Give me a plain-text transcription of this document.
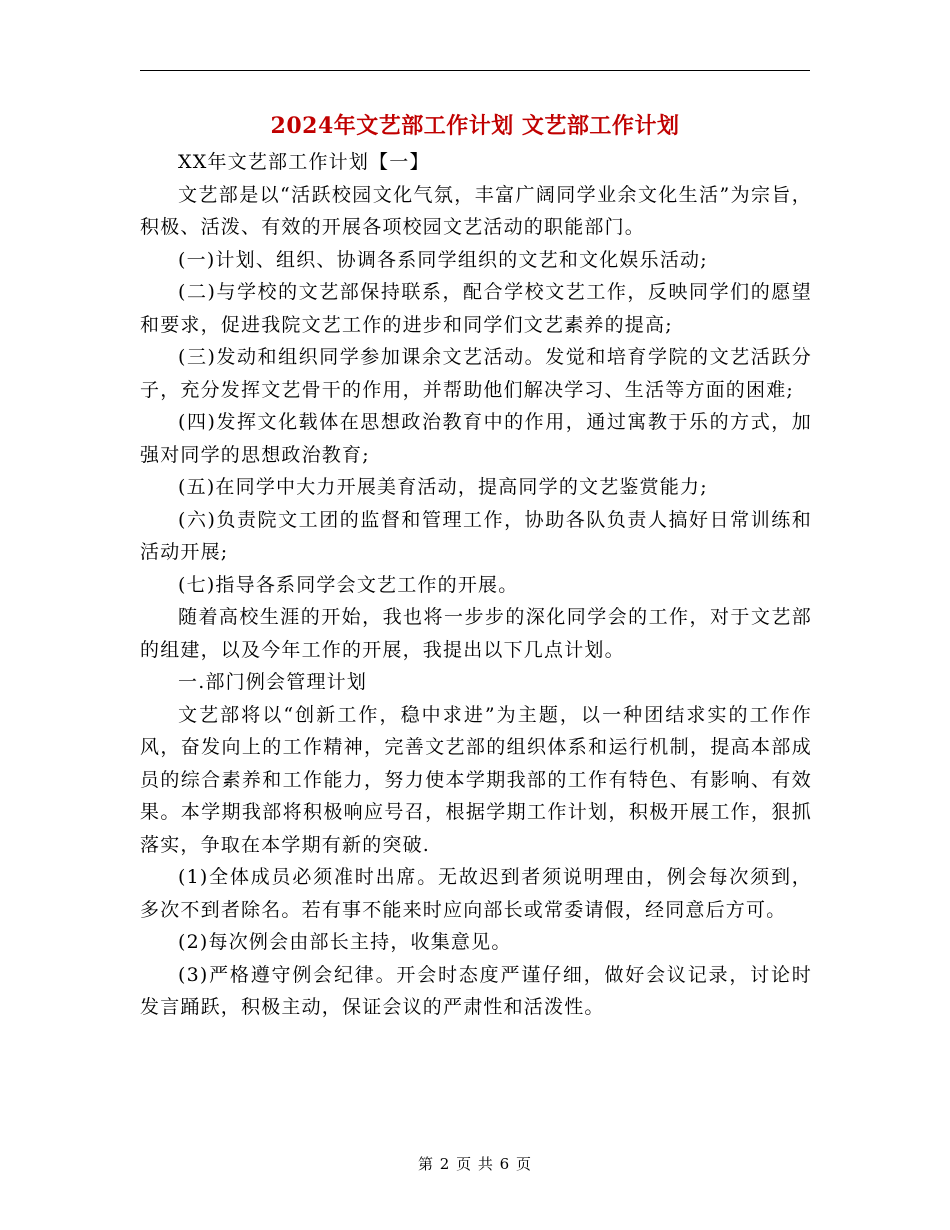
2024年文艺部工作计划 文艺部工作计划

XX年文艺部工作计划【一】

文艺部是以“活跃校园文化气氛，丰富广阔同学业余文化生活”为宗旨，积极、活泼、有效的开展各项校园文艺活动的职能部门。

(一)计划、组织、协调各系同学组织的文艺和文化娱乐活动;

(二)与学校的文艺部保持联系，配合学校文艺工作，反映同学们的愿望和要求，促进我院文艺工作的进步和同学们文艺素养的提高;

(三)发动和组织同学参加课余文艺活动。发觉和培育学院的文艺活跃分子，充分发挥文艺骨干的作用，并帮助他们解决学习、生活等方面的困难;

(四)发挥文化载体在思想政治教育中的作用，通过寓教于乐的方式，加强对同学的思想政治教育;

(五)在同学中大力开展美育活动，提高同学的文艺鉴赏能力;

(六)负责院文工团的监督和管理工作，协助各队负责人搞好日常训练和活动开展;

(七)指导各系同学会文艺工作的开展。

随着高校生涯的开始，我也将一步步的深化同学会的工作，对于文艺部的组建，以及今年工作的开展，我提出以下几点计划。

一.部门例会管理计划

文艺部将以“创新工作，稳中求进”为主题，以一种团结求实的工作作风，奋发向上的工作精神，完善文艺部的组织体系和运行机制，提高本部成员的综合素养和工作能力，努力使本学期我部的工作有特色、有影响、有效果。本学期我部将积极响应号召，根据学期工作计划，积极开展工作，狠抓落实，争取在本学期有新的突破.

(1)全体成员必须准时出席。无故迟到者须说明理由，例会每次须到，多次不到者除名。若有事不能来时应向部长或常委请假，经同意后方可。

(2)每次例会由部长主持，收集意见。

(3)严格遵守例会纪律。开会时态度严谨仔细，做好会议记录，讨论时发言踊跃，积极主动，保证会议的严肃性和活泼性。

第 2 页 共 6 页
